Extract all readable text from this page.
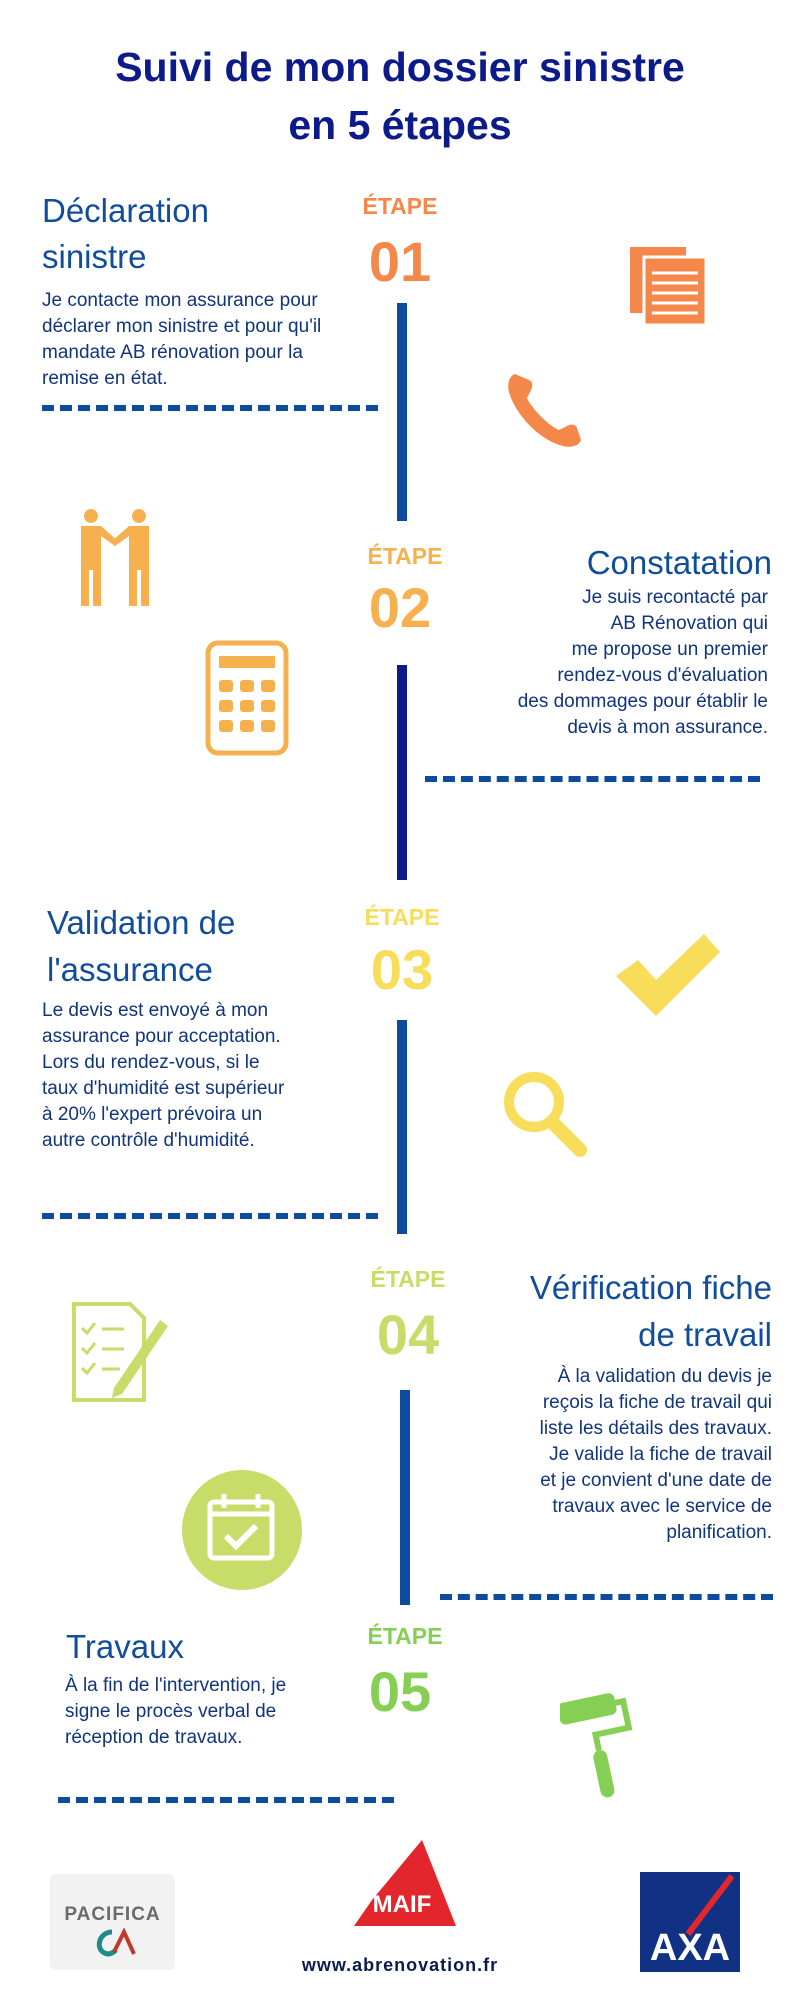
Suivi de mon dossier sinistre
en 5 étapes
Déclaration
sinistre
Je contacte mon assurance pour
déclarer mon sinistre et pour qu'il
mandate AB rénovation pour la
remise en état.
ÉTAPE
01
ÉTAPE
02
Constatation
Je suis recontacté par
AB Rénovation qui
me propose un premier
rendez-vous d'évaluation
des dommages pour établir le
devis à mon assurance.
Validation de
l'assurance
Le devis est envoyé à mon
assurance pour acceptation.
Lors du rendez-vous, si le
taux d'humidité est supérieur
à 20% l'expert prévoira un
autre contrôle d'humidité.
ÉTAPE
03
ÉTAPE
04
Vérification fiche
de travail
À la validation du devis je
reçois la fiche de travail qui
liste les détails des travaux.
Je valide la fiche de travail
et je convient d'une date de
travaux avec le service de
planification.
Travaux
À la fin de l'intervention, je
signe le procès verbal de
réception de travaux.
ÉTAPE
05
PACIFICA	MAIF
AXA
www.abrenovation.fr
